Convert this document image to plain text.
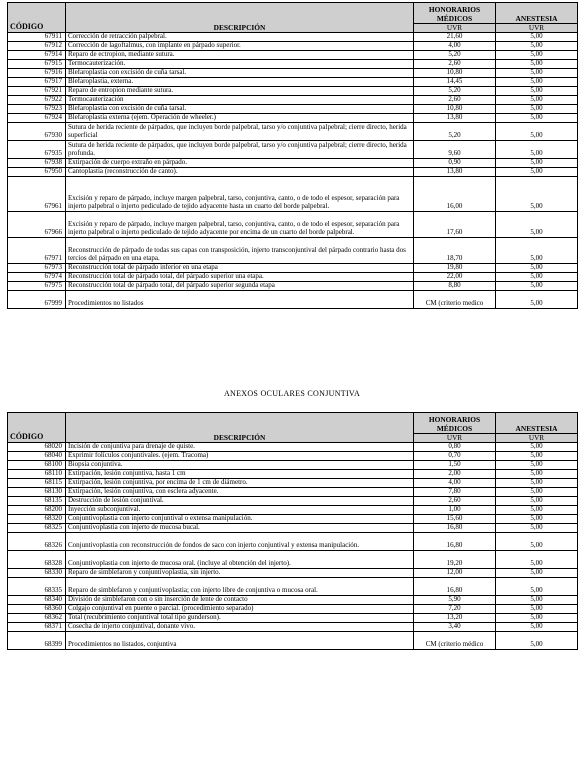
CÓDIGO	DESCRIPCIÓN	HONORARIOS MÉDICOS	ANESTESIA
		UVR	UVR
67911	Corrección de retracción palpebral.	21,60	5,00
67912	Corrección de lagoftalmus, con implante en párpado superior.	4,00	5,00
67914	Reparo de ectropion, mediante sutura.	5,20	5,00
67915	Termocauterización.	2,60	5,00
67916	Blefaroplastia con excisión de cuña tarsal.	10,80	5,00
67917	Blefaroplastia, externa.	14,45	5,00
67921	Reparo de entropion mediante sutura.	5,20	5,00
67922	Termocauterización	2,60	5,00
67923	Blefaroplastia con excisión de cuña tarsal.	10,80	5,00
67924	Blefaroplastia externa (ejem. Operación de wheeler.)	13,80	5,00
67930	Sutura de herida reciente de párpados, que incluyen borde palpebral, tarso y/o conjuntiva palpebral; cierre directo, herida superficial	5,20	5,00
67935	Sutura de herida reciente de párpados, que incluyen borde palpebral, tarso y/o conjuntiva palpebral; cierre directo, herida profunda.	9,60	5,00
67938	Extirpación de cuerpo extraño en párpado.	0,90	5,00
67950	Cantoplastia (reconstrucción de canto).	13,80	5,00
67961	Excisión y reparo de párpado, incluye margen palpebral, tarso, conjuntiva, canto, o de todo el espesor, separación para injerto palpebral o injerto pediculado de tejido adyacente hasta un cuarto del borde palpebral.	16,00	5,00
67966	Excisión y reparo de párpado, incluye margen palpebral, tarso, conjuntiva, canto, o de todo el espesor, separación para injerto palpebral o injerto pediculado de tejido adyacente por encima de un cuarto del borde palpebral.	17,60	5,00
67971	Reconstrucción de párpado de todas sus capas con transposición, injerto transconjuntival del párpado contrario hasta dos tercios del párpado en una etapa.	18,70	5,00
67973	Reconstrucción total de párpado inferior en una etapa	19,80	5,00
67974	Reconstrucción total de párpado total, del párpado superior una etapa.	22,00	5,00
67975	Reconstrucción total de párpado total, del párpado superior segunda etapa	8,80	5,00
67999	Procedimientos no listados	CM (criterio medico	5,00
ANEXOS OCULARES CONJUNTIVA
CÓDIGO	DESCRIPCIÓN	HONORARIOS MÉDICOS	ANESTESIA
		UVR	UVR
68020	Incisión de conjuntiva para drenaje de quiste.	0,80	5,00
68040	Exprimir folículos conjuntivales. (ejem. Tracoma)	0,70	5,00
68100	Biopsia conjuntiva.	1,50	5,00
68110	Extirpación, lesión conjuntiva, hasta 1 cm	2,00	5,00
68115	Extirpación, lesión conjuntiva, por encima de 1 cm de diámetro.	4,00	5,00
68130	Extirpación, lesión conjuntiva, con esclera adyacente.	7,80	5,00
68135	Destrucción de lesión conjuntival.	2,60	5,00
68200	Inyección subconjuntival.	1,00	5,00
68320	Conjuntivoplastia con injerto conjuntival o extensa manipulación.	15,60	5,00
68325	Conjuntivoplastia con injerto de mucosa bucal.	16,80	5,00
68326	Conjuntivoplastia con reconstrucción de fondos de saco con injerto conjuntival y extensa manipulación.	16,80	5,00
68328	Conjuntivoplastia con injerto de mucosa oral. (incluye al obtención del injerto).	19,20	5,00
68330	Reparo de simblefaron y conjuntivoplastia, sin injerto.	12,00	5,00
68335	Reparo de simblefaron y conjuntivoplastia; con injerto libre de conjuntiva o mucosa oral.	16,80	5,00
68340	División de simblefaron con o sin inserción de lente de contacto	5,90	5,00
68360	Colgajo conjuntival en puente o parcial. (procedimiento separado)	7,20	5,00
68362	Total (recubrimiento conjuntival total tipo gunderson).	13,20	5,00
68371	Cosecha de injerto conjuntival, donante vivo.	3,40	5,00
68399	Procedimientos no listados, conjuntiva	CM (criterio médico	5,00
